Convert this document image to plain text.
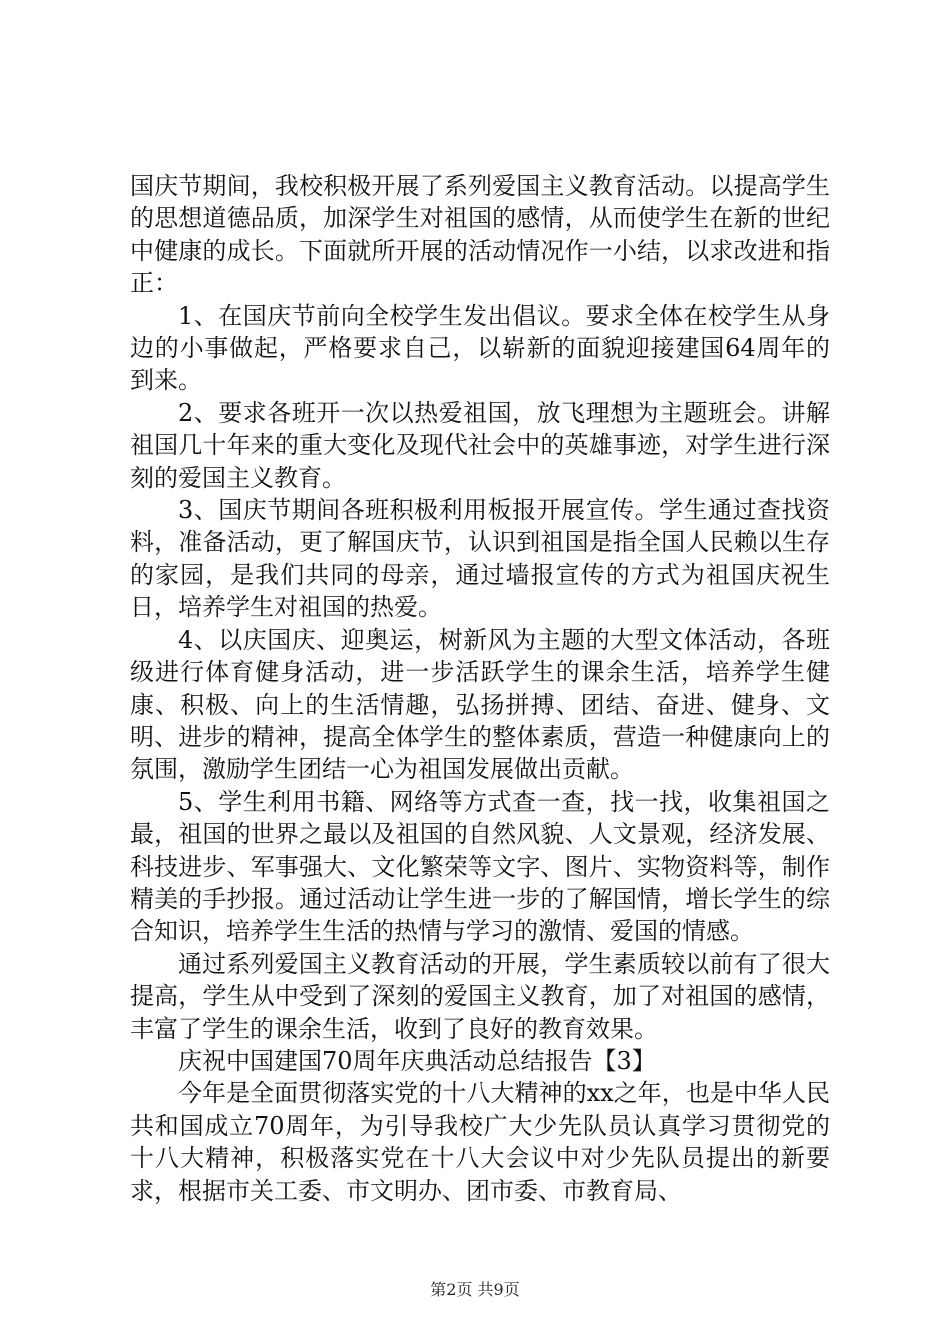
国庆节期间，我校积极开展了系列爱国主义教育活动。以提高学生的思想道德品质，加深学生对祖国的感情，从而使学生在新的世纪中健康的成长。下面就所开展的活动情况作一小结，以求改进和指正：

1、在国庆节前向全校学生发出倡议。要求全体在校学生从身边的小事做起，严格要求自己，以崭新的面貌迎接建国64周年的到来。

2、要求各班开一次以热爱祖国，放飞理想为主题班会。讲解祖国几十年来的重大变化及现代社会中的英雄事迹，对学生进行深刻的爱国主义教育。

3、国庆节期间各班积极利用板报开展宣传。学生通过查找资料，准备活动，更了解国庆节，认识到祖国是指全国人民赖以生存的家园，是我们共同的母亲，通过墙报宣传的方式为祖国庆祝生日，培养学生对祖国的热爱。

4、以庆国庆、迎奥运，树新风为主题的大型文体活动，各班级进行体育健身活动，进一步活跃学生的课余生活，培养学生健康、积极、向上的生活情趣，弘扬拼搏、团结、奋进、健身、文明、进步的精神，提高全体学生的整体素质，营造一种健康向上的氛围，激励学生团结一心为祖国发展做出贡献。

5、学生利用书籍、网络等方式查一查，找一找，收集祖国之最，祖国的世界之最以及祖国的自然风貌、人文景观，经济发展、科技进步、军事强大、文化繁荣等文字、图片、实物资料等，制作精美的手抄报。通过活动让学生进一步的了解国情，增长学生的综合知识，培养学生生活的热情与学习的激情、爱国的情感。

通过系列爱国主义教育活动的开展，学生素质较以前有了很大提高，学生从中受到了深刻的爱国主义教育，加了对祖国的感情，丰富了学生的课余生活，收到了良好的教育效果。

庆祝中国建国70周年庆典活动总结报告【3】

今年是全面贯彻落实党的十八大精神的xx之年，也是中华人民共和国成立70周年，为引导我校广大少先队员认真学习贯彻党的十八大精神，积极落实党在十八大会议中对少先队员提出的新要求，根据市关工委、市文明办、团市委、市教育局、

第2页 共9页
